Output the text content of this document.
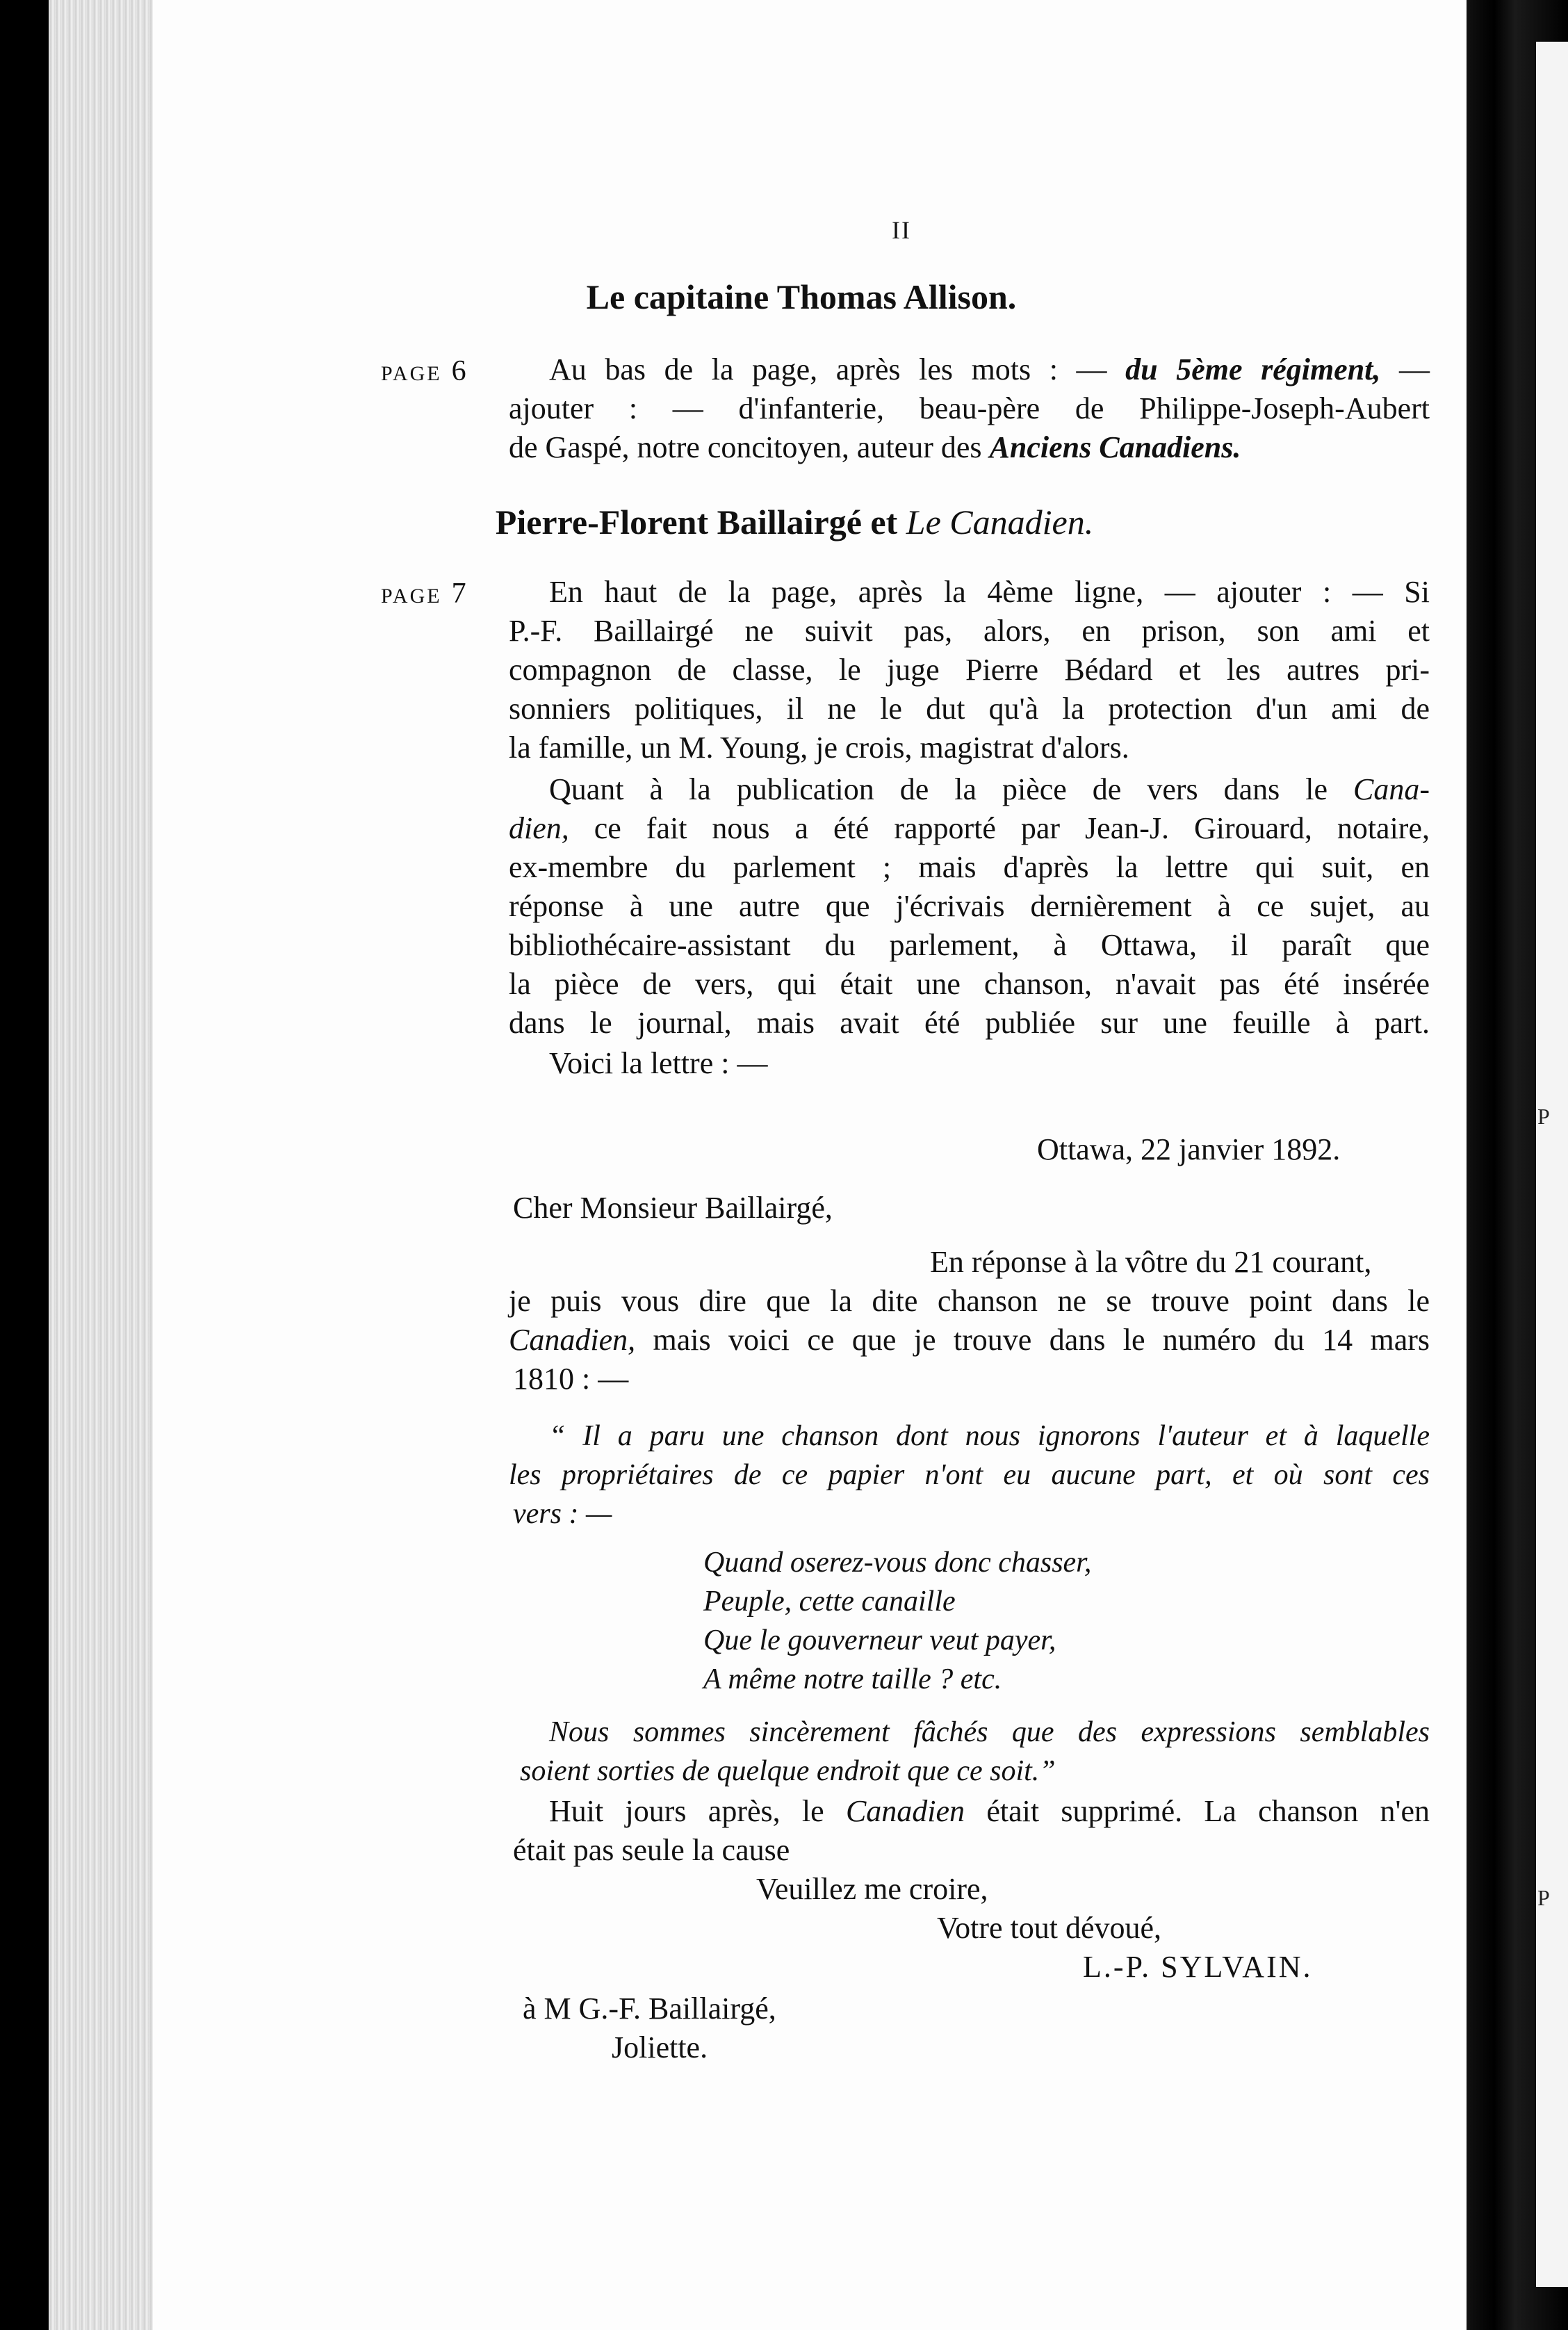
P
P
II
Le capitaine Thomas Allison.
PAGE 6	Au bas de la page, après les mots : — du 5ème régiment, —
ajouter : — d'infanterie, beau-père de Philippe-Joseph-Aubert
de Gaspé, notre concitoyen, auteur des Anciens Canadiens.
Pierre-Florent Baillairgé et Le Canadien.
PAGE 7	En haut de la page, après la 4ème ligne, — ajouter : — Si
P.-F. Baillairgé ne suivit pas, alors, en prison, son ami et
compagnon de classe, le juge Pierre Bédard et les autres pri-
sonniers politiques, il ne le dut qu'à la protection d'un ami de
la famille, un M. Young, je crois, magistrat d'alors.
Quant à la publication de la pièce de vers dans le Cana-
dien, ce fait nous a été rapporté par Jean-J. Girouard, notaire,
ex-membre du parlement ; mais d'après la lettre qui suit, en
réponse à une autre que j'écrivais dernièrement à ce sujet, au
bibliothécaire-assistant du parlement, à Ottawa, il paraît que
la pièce de vers, qui était une chanson, n'avait pas été insérée
dans le journal, mais avait été publiée sur une feuille à part.
Voici la lettre : —
Ottawa, 22 janvier 1892.
Cher Monsieur Baillairgé,
En réponse à la vôtre du 21 courant,
je puis vous dire que la dite chanson ne se trouve point dans le
Canadien, mais voici ce que je trouve dans le numéro du 14 mars
1810 : —
“ Il a paru une chanson dont nous ignorons l'auteur et à laquelle
les propriétaires de ce papier n'ont eu aucune part, et où sont ces
vers : —
Quand oserez-vous donc chasser,
Peuple, cette canaille
Que le gouverneur veut payer,
A même notre taille ? etc.
Nous sommes sincèrement fâchés que des expressions semblables
soient sorties de quelque endroit que ce soit.”
Huit jours après, le Canadien était supprimé. La chanson n'en
était pas seule la cause
Veuillez me croire,
Votre tout dévoué,
L.-P. SYLVAIN.
à M G.-F. Baillairgé,
Joliette.
